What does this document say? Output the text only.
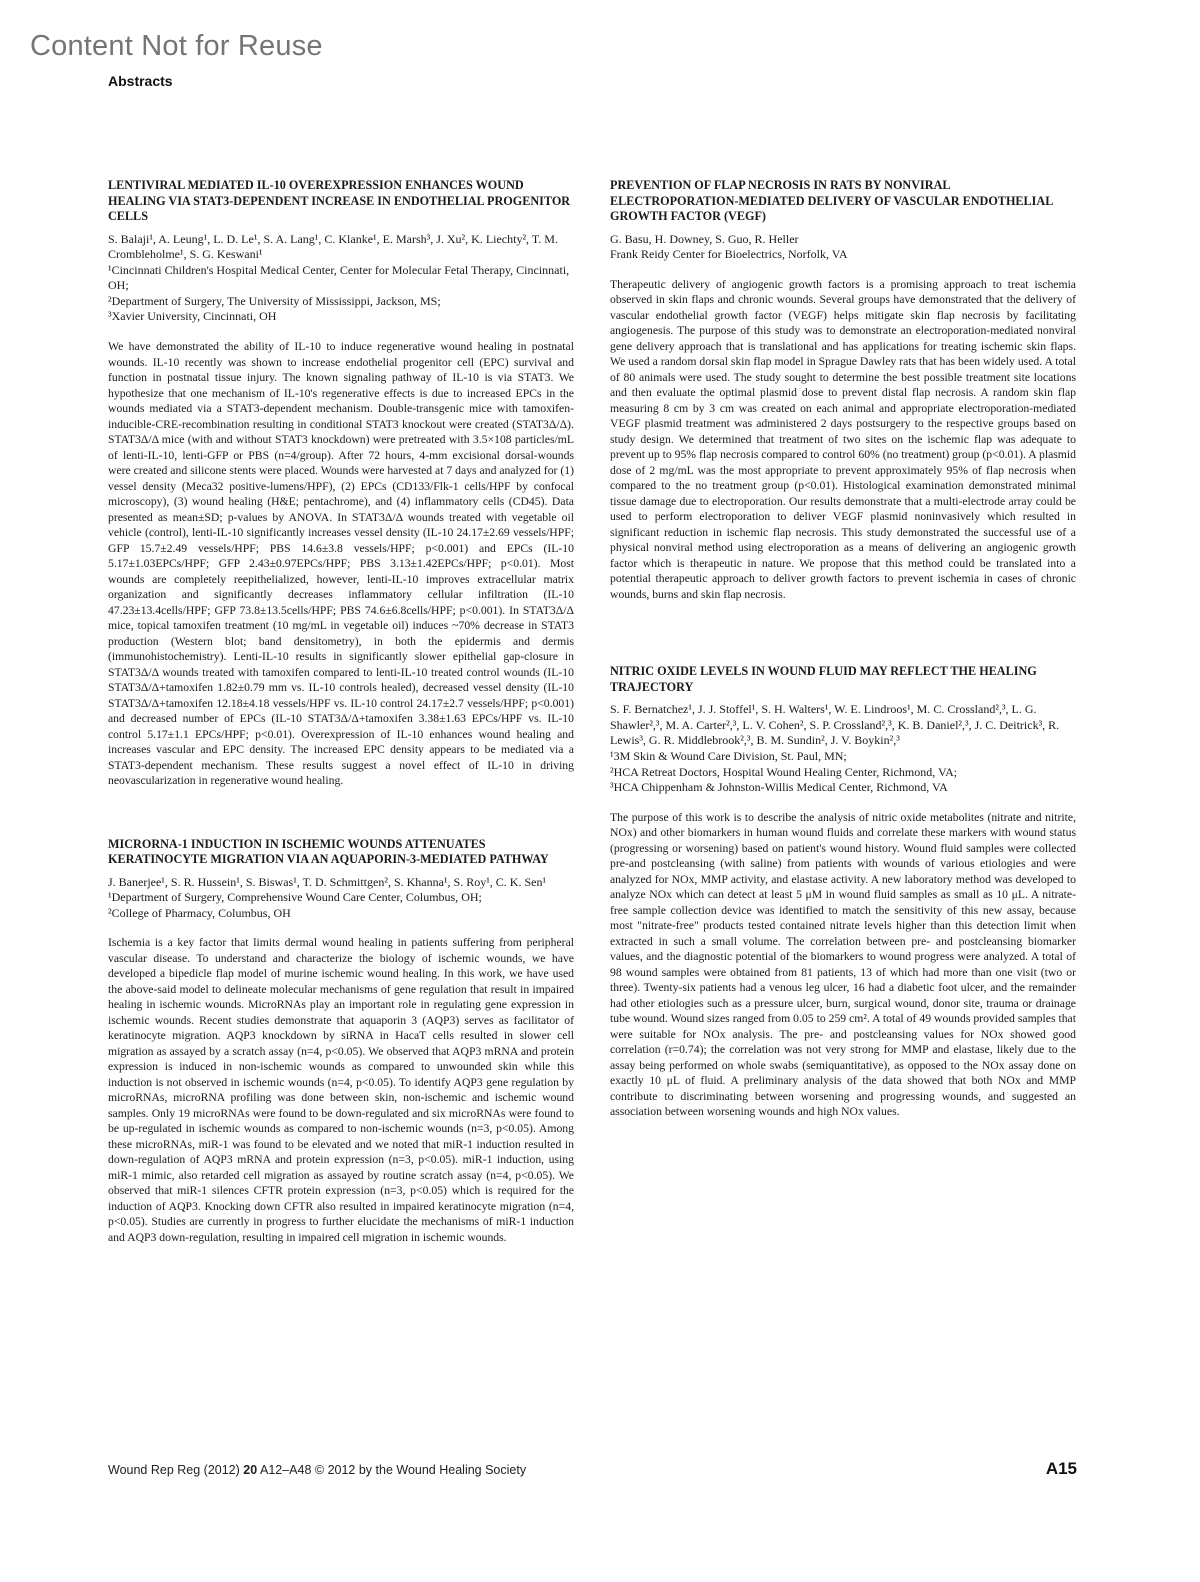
Content Not for Reuse
Abstracts

LENTIVIRAL MEDIATED IL-10 OVEREXPRESSION ENHANCES WOUND HEALING VIA STAT3-DEPENDENT INCREASE IN ENDOTHELIAL PROGENITOR CELLS

S. Balaji¹, A. Leung¹, L. D. Le¹, S. A. Lang¹, C. Klanke¹, E. Marsh³, J. Xu², K. Liechty², T. M. Crombleholme¹, S. G. Keswani¹

¹Cincinnati Children's Hospital Medical Center, Center for Molecular Fetal Therapy, Cincinnati, OH;
²Department of Surgery, The University of Mississippi, Jackson, MS;
³Xavier University, Cincinnati, OH

We have demonstrated the ability of IL-10 to induce regenerative wound healing in postnatal wounds. IL-10 recently was shown to increase endothelial progenitor cell (EPC) survival and function in postnatal tissue injury. The known signaling pathway of IL-10 is via STAT3. We hypothesize that one mechanism of IL-10's regenerative effects is due to increased EPCs in the wounds mediated via a STAT3-dependent mechanism. Double-transgenic mice with tamoxifen-inducible-CRE-recombination resulting in conditional STAT3 knockout were created (STAT3Δ/Δ). STAT3Δ/Δ mice (with and without STAT3 knockdown) were pretreated with 3.5×108 particles/mL of lenti-IL-10, lenti-GFP or PBS (n=4/group). After 72 hours, 4-mm excisional dorsal-wounds were created and silicone stents were placed. Wounds were harvested at 7 days and analyzed for (1) vessel density (Meca32 positive-lumens/HPF), (2) EPCs (CD133/Flk-1 cells/HPF by confocal microscopy), (3) wound healing (H&E; pentachrome), and (4) inflammatory cells (CD45). Data presented as mean±SD; p-values by ANOVA. In STAT3Δ/Δ wounds treated with vegetable oil vehicle (control), lenti-IL-10 significantly increases vessel density (IL-10 24.17±2.69 vessels/HPF; GFP 15.7±2.49 vessels/HPF; PBS 14.6±3.8 vessels/HPF; p<0.001) and EPCs (IL-10 5.17±1.03EPCs/HPF; GFP 2.43±0.97EPCs/HPF; PBS 3.13±1.42EPCs/HPF; p<0.01). Most wounds are completely reepithelialized, however, lenti-IL-10 improves extracellular matrix organization and significantly decreases inflammatory cellular infiltration (IL-10 47.23±13.4cells/HPF; GFP 73.8±13.5cells/HPF; PBS 74.6±6.8cells/HPF; p<0.001). In STAT3Δ/Δ mice, topical tamoxifen treatment (10 mg/mL in vegetable oil) induces ~70% decrease in STAT3 production (Western blot; band densitometry), in both the epidermis and dermis (immunohistochemistry). Lenti-IL-10 results in significantly slower epithelial gap-closure in STAT3Δ/Δ wounds treated with tamoxifen compared to lenti-IL-10 treated control wounds (IL-10 STAT3Δ/Δ+tamoxifen 1.82±0.79 mm vs. IL-10 controls healed), decreased vessel density (IL-10 STAT3Δ/Δ+tamoxifen 12.18±4.18 vessels/HPF vs. IL-10 control 24.17±2.7 vessels/HPF; p<0.001) and decreased number of EPCs (IL-10 STAT3Δ/Δ+tamoxifen 3.38±1.63 EPCs/HPF vs. IL-10 control 5.17±1.1 EPCs/HPF; p<0.01). Overexpression of IL-10 enhances wound healing and increases vascular and EPC density. The increased EPC density appears to be mediated via a STAT3-dependent mechanism. These results suggest a novel effect of IL-10 in driving neovascularization in regenerative wound healing.

MICRORNA-1 INDUCTION IN ISCHEMIC WOUNDS ATTENUATES KERATINOCYTE MIGRATION VIA AN AQUAPORIN-3-MEDIATED PATHWAY

J. Banerjee¹, S. R. Hussein¹, S. Biswas¹, T. D. Schmittgen², S. Khanna¹, S. Roy¹, C. K. Sen¹

¹Department of Surgery, Comprehensive Wound Care Center, Columbus, OH;
²College of Pharmacy, Columbus, OH

Ischemia is a key factor that limits dermal wound healing in patients suffering from peripheral vascular disease. To understand and characterize the biology of ischemic wounds, we have developed a bipedicle flap model of murine ischemic wound healing. In this work, we have used the above-said model to delineate molecular mechanisms of gene regulation that result in impaired healing in ischemic wounds. MicroRNAs play an important role in regulating gene expression in ischemic wounds. Recent studies demonstrate that aquaporin 3 (AQP3) serves as facilitator of keratinocyte migration. AQP3 knockdown by siRNA in HacaT cells resulted in slower cell migration as assayed by a scratch assay (n=4, p<0.05). We observed that AQP3 mRNA and protein expression is induced in non-ischemic wounds as compared to unwounded skin while this induction is not observed in ischemic wounds (n=4, p<0.05). To identify AQP3 gene regulation by microRNAs, microRNA profiling was done between skin, non-ischemic and ischemic wound samples. Only 19 microRNAs were found to be down-regulated and six microRNAs were found to be up-regulated in ischemic wounds as compared to non-ischemic wounds (n=3, p<0.05). Among these microRNAs, miR-1 was found to be elevated and we noted that miR-1 induction resulted in down-regulation of AQP3 mRNA and protein expression (n=3, p<0.05). miR-1 induction, using miR-1 mimic, also retarded cell migration as assayed by routine scratch assay (n=4, p<0.05). We observed that miR-1 silences CFTR protein expression (n=3, p<0.05) which is required for the induction of AQP3. Knocking down CFTR also resulted in impaired keratinocyte migration (n=4, p<0.05). Studies are currently in progress to further elucidate the mechanisms of miR-1 induction and AQP3 down-regulation, resulting in impaired cell migration in ischemic wounds.

PREVENTION OF FLAP NECROSIS IN RATS BY NONVIRAL ELECTROPORATION-MEDIATED DELIVERY OF VASCULAR ENDOTHELIAL GROWTH FACTOR (VEGF)

G. Basu, H. Downey, S. Guo, R. Heller

Frank Reidy Center for Bioelectrics, Norfolk, VA

Therapeutic delivery of angiogenic growth factors is a promising approach to treat ischemia observed in skin flaps and chronic wounds. Several groups have demonstrated that the delivery of vascular endothelial growth factor (VEGF) helps mitigate skin flap necrosis by facilitating angiogenesis. The purpose of this study was to demonstrate an electroporation-mediated nonviral gene delivery approach that is translational and has applications for treating ischemic skin flaps. We used a random dorsal skin flap model in Sprague Dawley rats that has been widely used. A total of 80 animals were used. The study sought to determine the best possible treatment site locations and then evaluate the optimal plasmid dose to prevent distal flap necrosis. A random skin flap measuring 8 cm by 3 cm was created on each animal and appropriate electroporation-mediated VEGF plasmid treatment was administered 2 days postsurgery to the respective groups based on study design. We determined that treatment of two sites on the ischemic flap was adequate to prevent up to 95% flap necrosis compared to control 60% (no treatment) group (p<0.01). A plasmid dose of 2 mg/mL was the most appropriate to prevent approximately 95% of flap necrosis when compared to the no treatment group (p<0.01). Histological examination demonstrated minimal tissue damage due to electroporation. Our results demonstrate that a multi-electrode array could be used to perform electroporation to deliver VEGF plasmid noninvasively which resulted in significant reduction in ischemic flap necrosis. This study demonstrated the successful use of a physical nonviral method using electroporation as a means of delivering an angiogenic growth factor which is therapeutic in nature. We propose that this method could be translated into a potential therapeutic approach to deliver growth factors to prevent ischemia in cases of chronic wounds, burns and skin flap necrosis.

NITRIC OXIDE LEVELS IN WOUND FLUID MAY REFLECT THE HEALING TRAJECTORY

S. F. Bernatchez¹, J. J. Stoffel¹, S. H. Walters¹, W. E. Lindroos¹, M. C. Crossland²,³, L. G. Shawler²,³, M. A. Carter²,³, L. V. Cohen², S. P. Crossland²,³, K. B. Daniel²,³, J. C. Deitrick³, R. Lewis³, G. R. Middlebrook²,³, B. M. Sundin², J. V. Boykin²,³

¹3M Skin & Wound Care Division, St. Paul, MN;
²HCA Retreat Doctors, Hospital Wound Healing Center, Richmond, VA;
³HCA Chippenham & Johnston-Willis Medical Center, Richmond, VA

The purpose of this work is to describe the analysis of nitric oxide metabolites (nitrate and nitrite, NOx) and other biomarkers in human wound fluids and correlate these markers with wound status (progressing or worsening) based on patient's wound history. Wound fluid samples were collected pre-and postcleansing (with saline) from patients with wounds of various etiologies and were analyzed for NOx, MMP activity, and elastase activity. A new laboratory method was developed to analyze NOx which can detect at least 5 μM in wound fluid samples as small as 10 μL. A nitrate-free sample collection device was identified to match the sensitivity of this new assay, because most "nitrate-free" products tested contained nitrate levels higher than this detection limit when extracted in such a small volume. The correlation between pre- and postcleansing biomarker values, and the diagnostic potential of the biomarkers to wound progress were analyzed. A total of 98 wound samples were obtained from 81 patients, 13 of which had more than one visit (two or three). Twenty-six patients had a venous leg ulcer, 16 had a diabetic foot ulcer, and the remainder had other etiologies such as a pressure ulcer, burn, surgical wound, donor site, trauma or drainage tube wound. Wound sizes ranged from 0.05 to 259 cm². A total of 49 wounds provided samples that were suitable for NOx analysis. The pre- and postcleansing values for NOx showed good correlation (r=0.74); the correlation was not very strong for MMP and elastase, likely due to the assay being performed on whole swabs (semiquantitative), as opposed to the NOx assay done on exactly 10 μL of fluid. A preliminary analysis of the data showed that both NOx and MMP contribute to discriminating between worsening and progressing wounds, and suggested an association between worsening wounds and high NOx values.

Wound Rep Reg (2012) 20 A12–A48 © 2012 by the Wound Healing Society	A15
